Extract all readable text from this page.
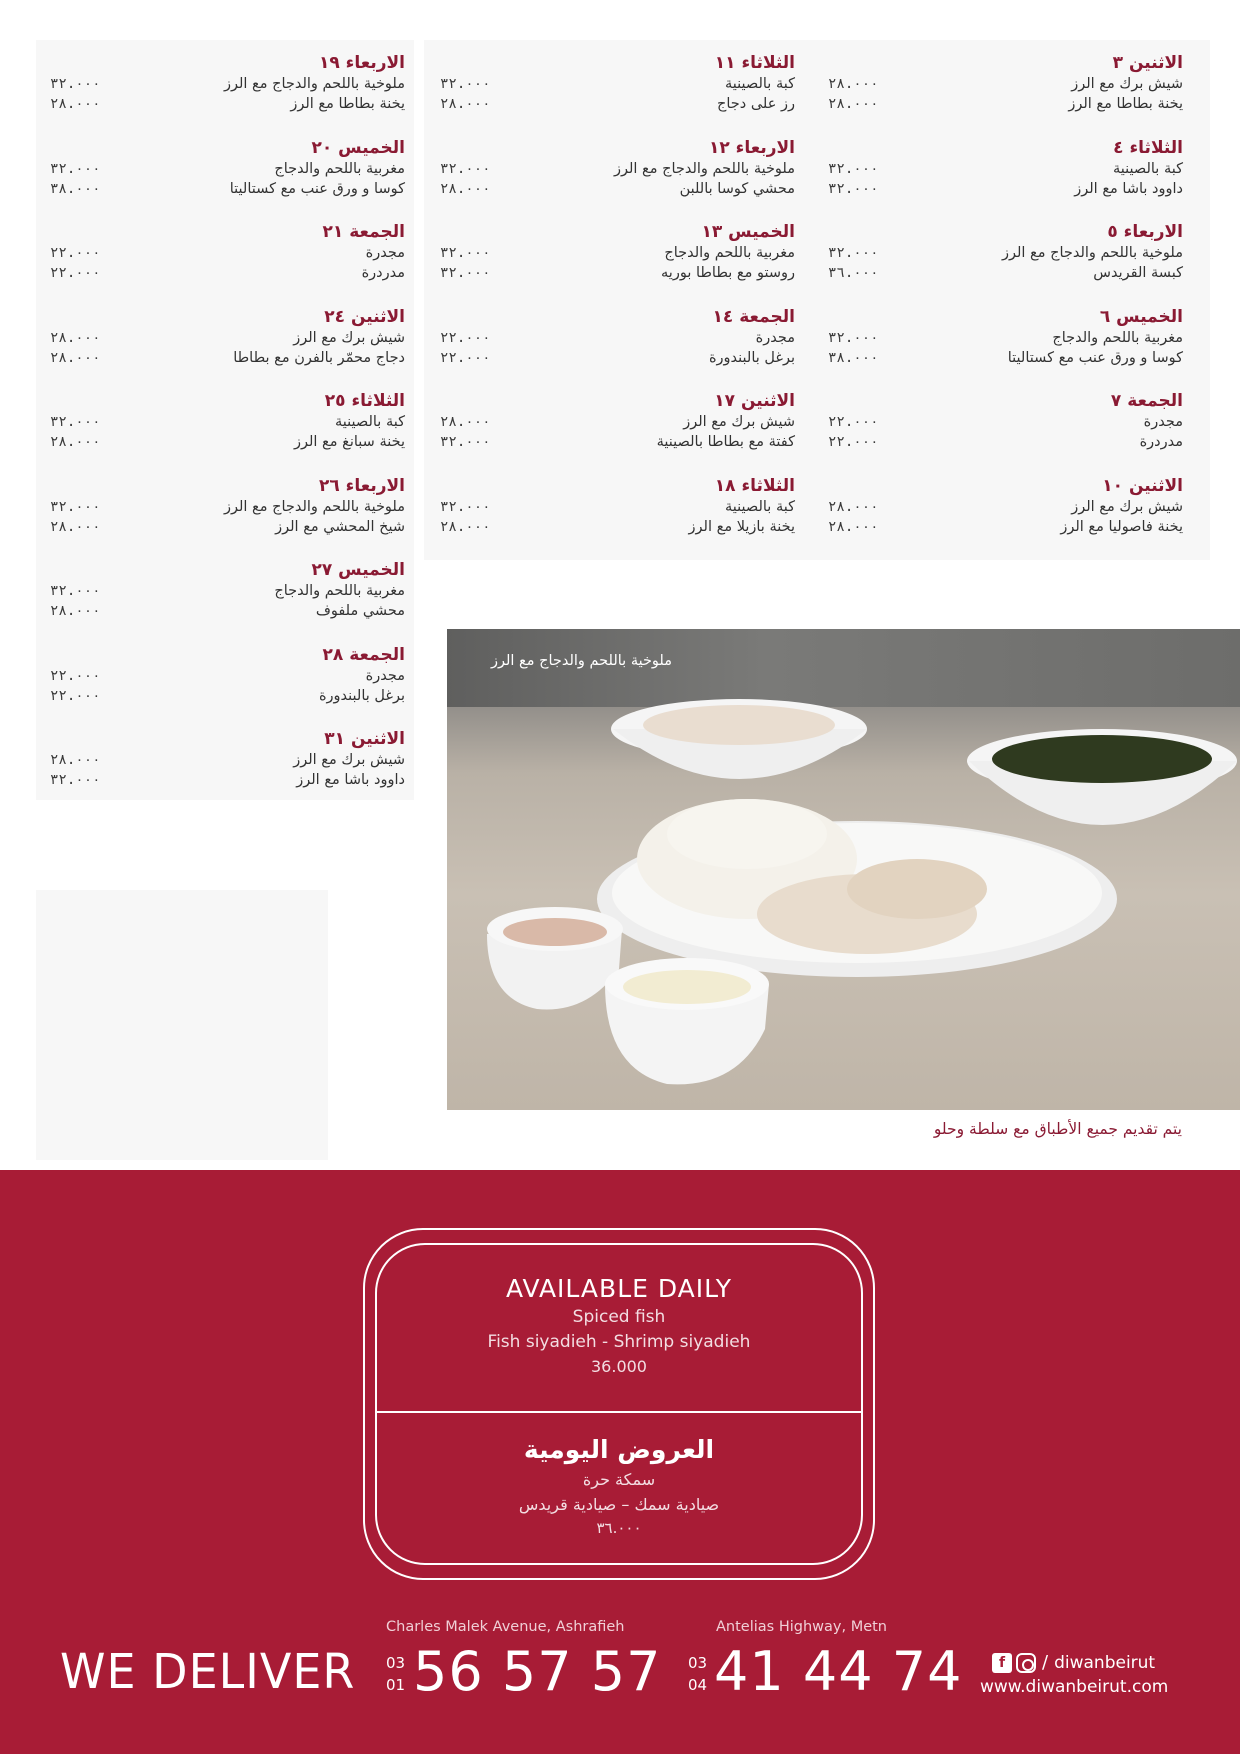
الاثنين ٣
شيش برك مع الرز
٢٨.٠٠٠
يخنة بطاطا مع الرز
٢٨.٠٠٠
الثلاثاء ٤
كبة بالصينية
٣٢.٠٠٠
داوود باشا مع الرز
٣٢.٠٠٠
الاربعاء ٥
ملوخية باللحم والدجاج مع الرز
٣٢.٠٠٠
كبسة القريدس
٣٦.٠٠٠
الخميس ٦
مغربية باللحم والدجاج
٣٢.٠٠٠
كوسا و ورق عنب مع كستاليتا
٣٨.٠٠٠
الجمعة ٧
مجدرة
٢٢.٠٠٠
مدردرة
٢٢.٠٠٠
الاثنين ١٠
شيش برك مع الرز
٢٨.٠٠٠
يخنة فاصوليا مع الرز
٢٨.٠٠٠
الثلاثاء ١١
كبة بالصينية
٣٢.٠٠٠
رز على دجاج
٢٨.٠٠٠
الاربعاء ١٢
ملوخية باللحم والدجاج مع الرز
٣٢.٠٠٠
محشي كوسا باللبن
٢٨.٠٠٠
الخميس ١٣
مغربية باللحم والدجاج
٣٢.٠٠٠
روستو مع بطاطا بوريه
٣٢.٠٠٠
الجمعة ١٤
مجدرة
٢٢.٠٠٠
برغل بالبندورة
٢٢.٠٠٠
الاثنين ١٧
شيش برك مع الرز
٢٨.٠٠٠
كفتة مع بطاطا بالصينية
٣٢.٠٠٠
الثلاثاء ١٨
كبة بالصينية
٣٢.٠٠٠
يخنة بازيلا مع الرز
٢٨.٠٠٠
الاربعاء ١٩
ملوخية باللحم والدجاج مع الرز
٣٢.٠٠٠
يخنة بطاطا مع الرز
٢٨.٠٠٠
الخميس ٢٠
مغربية باللحم والدجاج
٣٢.٠٠٠
كوسا و ورق عنب مع كستاليتا
٣٨.٠٠٠
الجمعة ٢١
مجدرة
٢٢.٠٠٠
مدردرة
٢٢.٠٠٠
الاثنين ٢٤
شيش برك مع الرز
٢٨.٠٠٠
دجاج محمّر بالفرن مع بطاطا
٢٨.٠٠٠
الثلاثاء ٢٥
كبة بالصينية
٣٢.٠٠٠
يخنة سبانغ مع الرز
٢٨.٠٠٠
الاربعاء ٢٦
ملوخية باللحم والدجاج مع الرز
٣٢.٠٠٠
شيخ المحشي مع الرز
٢٨.٠٠٠
الخميس ٢٧
مغربية باللحم والدجاج
٣٢.٠٠٠
محشي ملفوف
٢٨.٠٠٠
الجمعة ٢٨
مجدرة
٢٢.٠٠٠
برغل بالبندورة
٢٢.٠٠٠
الاثنين ٣١
شيش برك مع الرز
٢٨.٠٠٠
داوود باشا مع الرز
٣٢.٠٠٠
ملوخية باللحم والدجاج مع الرز
يتم تقديم جميع الأطباق مع سلطة وحلو
AVAILABLE DAILY
Spiced fish
Fish siyadieh - Shrimp siyadieh
36.000
العروض اليومية
سمكة حرة
صيادية سمك – صيادية قريدس
٣٦.٠٠٠
WE DELIVER
Charles Malek Avenue, Ashrafieh
03
01 56 57 57
Antelias Highway, Metn
03
04 41 44 74	f	/ diwanbeirut
www.diwanbeirut.com
